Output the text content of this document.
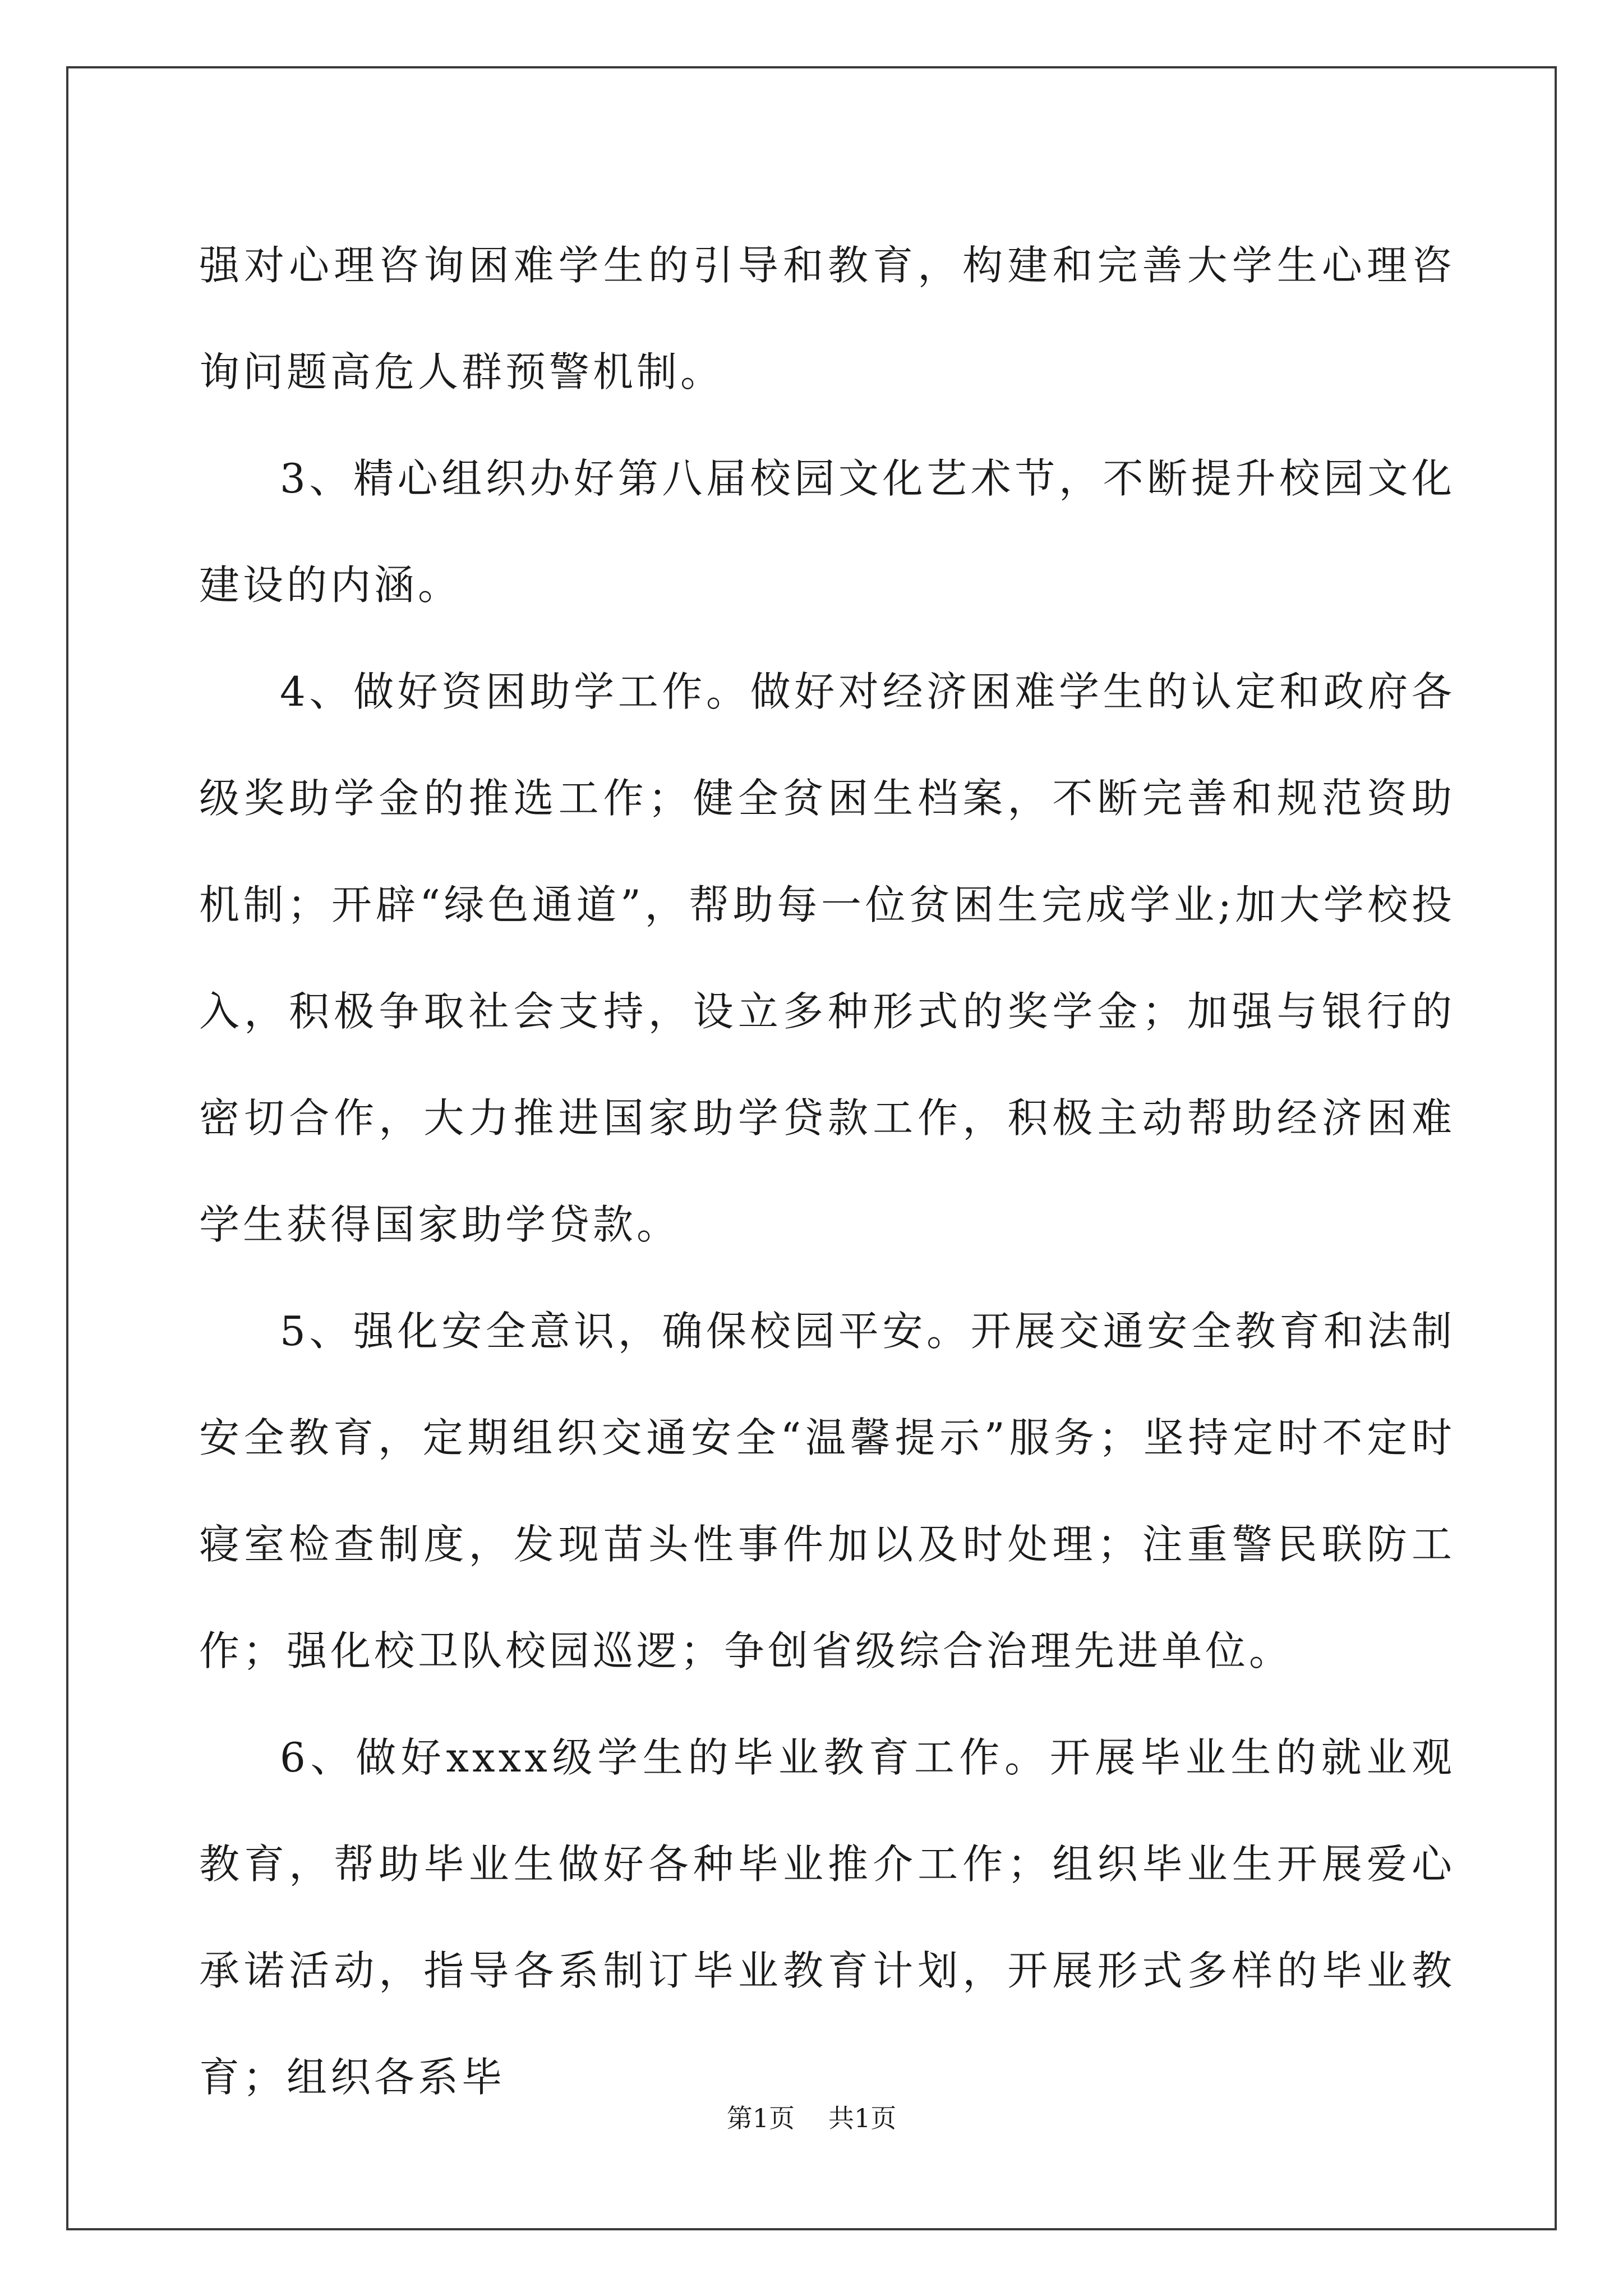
强对心理咨询困难学生的引导和教育，构建和完善大学生心理咨询问题高危人群预警机制。

3、精心组织办好第八届校园文化艺术节，不断提升校园文化建设的内涵。

4、做好资困助学工作。做好对经济困难学生的认定和政府各级奖助学金的推选工作；健全贫困生档案，不断完善和规范资助机制；开辟“绿色通道”，帮助每一位贫困生完成学业;加大学校投入，积极争取社会支持，设立多种形式的奖学金；加强与银行的密切合作，大力推进国家助学贷款工作，积极主动帮助经济困难学生获得国家助学贷款。

5、强化安全意识，确保校园平安。开展交通安全教育和法制安全教育，定期组织交通安全“温馨提示”服务；坚持定时不定时寝室检查制度，发现苗头性事件加以及时处理；注重警民联防工作；强化校卫队校园巡逻；争创省级综合治理先进单位。

6、做好xxxx级学生的毕业教育工作。开展毕业生的就业观教育，帮助毕业生做好各种毕业推介工作；组织毕业生开展爱心承诺活动，指导各系制订毕业教育计划，开展形式多样的毕业教育；组织各系毕

第1页 共1页
